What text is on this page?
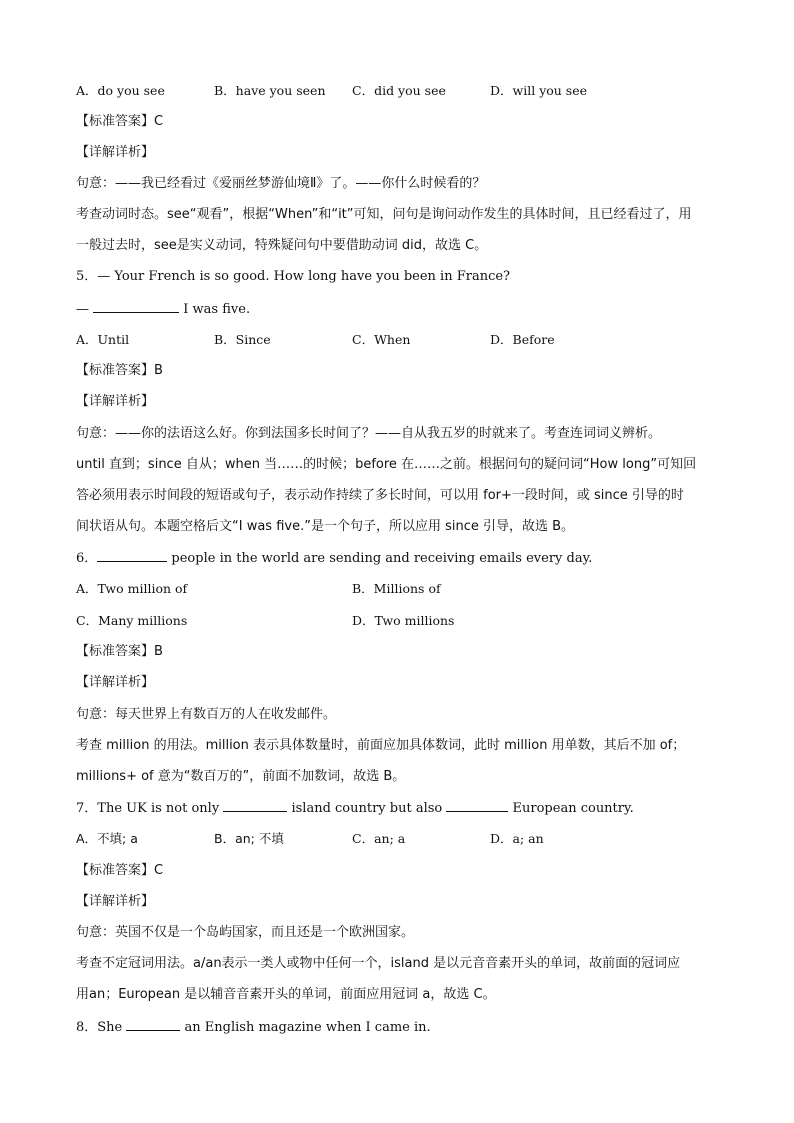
A．do you see	B．have you seen C．did you see	D．will you see
【标准答案】C
【详解详析】
句意：——我已经看过《爱丽丝梦游仙境Ⅱ》了。——你什么时候看的？
考查动词时态。see“观看”，根据“When”和“it”可知，问句是询问动作发生的具体时间，且已经看过了，用
一般过去时，see是实义动词，特殊疑问句中要借助动词 did，故选 C。
5．— Your French is so good. How long have you been in France?
—	I was five.
A．Until	B．Since	C．When	D．Before
【标准答案】B
【详解详析】
句意：——你的法语这么好。你到法国多长时间了？——自从我五岁的时就来了。考查连词词义辨析。
until 直到；since 自从；when 当……的时候；before 在……之前。根据问句的疑问词“How long”可知回
答必须用表示时间段的短语或句子，表示动作持续了多长时间，可以用 for+一段时间，或 since 引导的时
间状语从句。本题空格后文“I was five.”是一个句子，所以应用 since 引导，故选 B。
6．	people in the world are sending and receiving emails every day.
A．Two million of	B．Millions of
C．Many millions	D．Two millions
【标准答案】B
【详解详析】
句意：每天世界上有数百万的人在收发邮件。
考查 million 的用法。million 表示具体数量时，前面应加具体数词，此时 million 用单数，其后不加 of；
millions+ of 意为“数百万的”，前面不加数词，故选 B。
7．The UK is not only	island country but also	European country.
A．不填; a	B．an; 不填	C．an; a	D．a; an
【标准答案】C
【详解详析】
句意：英国不仅是一个岛屿国家，而且还是一个欧洲国家。
考查不定冠词用法。a/an表示一类人或物中任何一个，island 是以元音音素开头的单词，故前面的冠词应
用an；European 是以辅音音素开头的单词，前面应用冠词 a，故选 C。
8．She	an English magazine when I came in.
